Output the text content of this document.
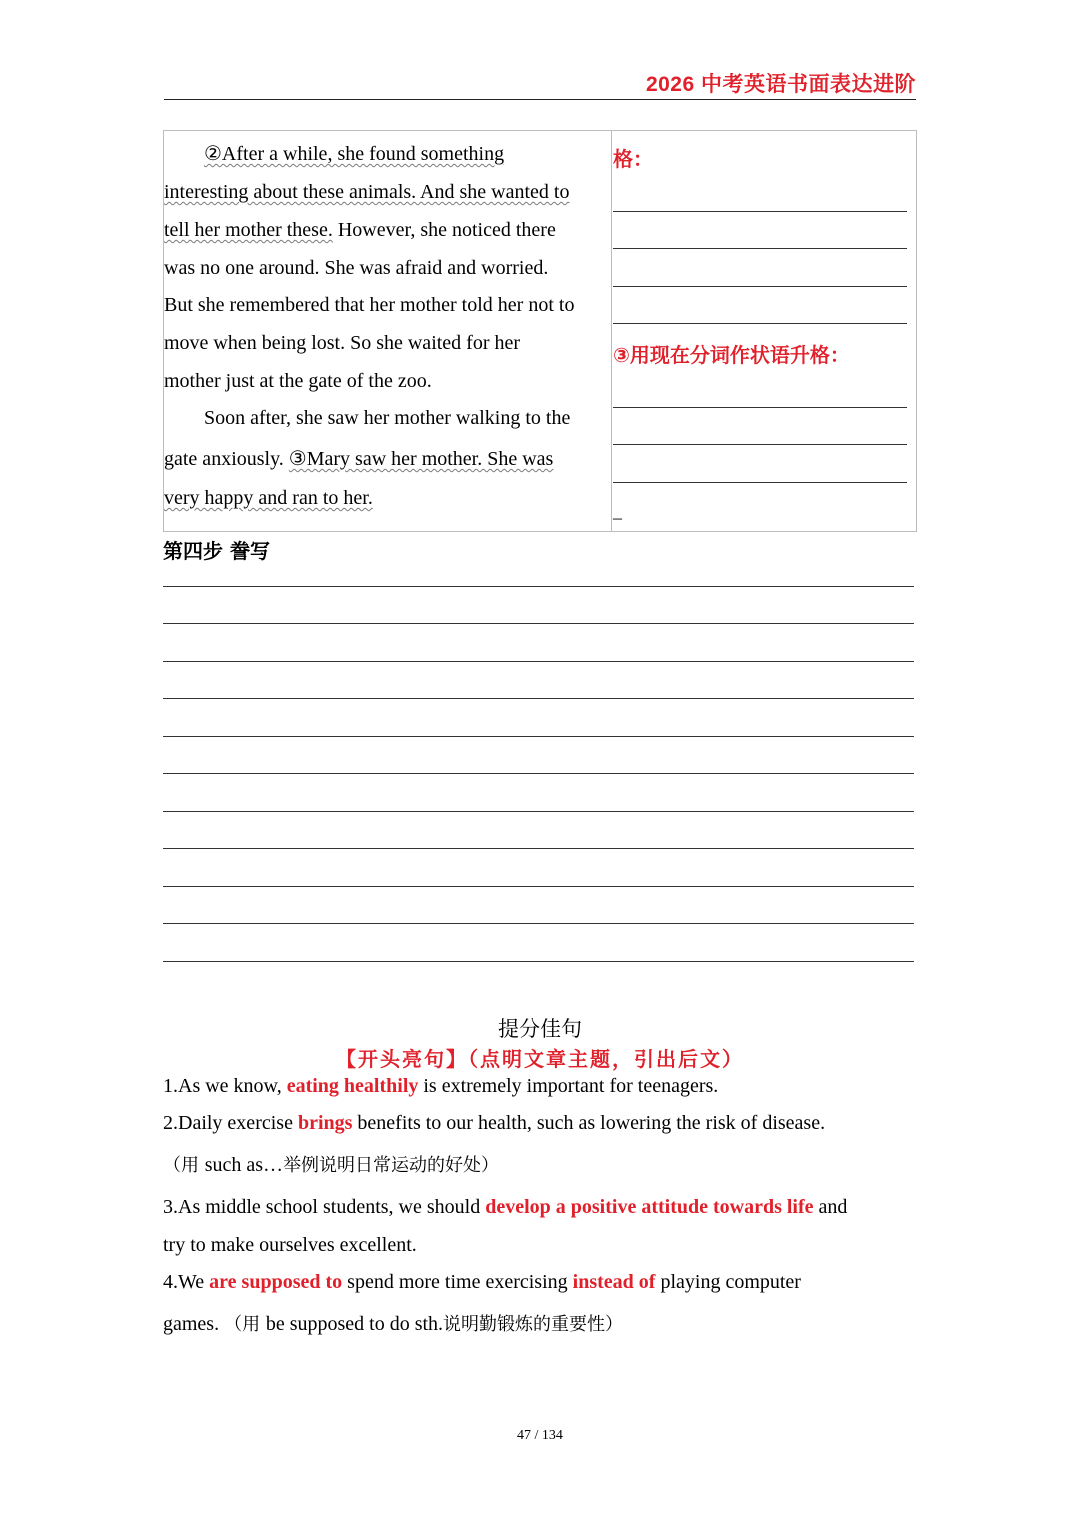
2026 中考英语书面表达进阶
②After a while, she found something
interesting about these animals. And she wanted to
tell her mother these. However, she noticed there
was no one around. She was afraid and worried.
But she remembered that her mother told her not to
move when being lost. So she waited for her
mother just at the gate of the zoo.
Soon after, she saw her mother walking to the
gate anxiously. ③Mary saw her mother. She was
very happy and ran to her.
格：
③用现在分词作状语升格：
_
第四步 誊写
提分佳句
【开头亮句】（点明文章主题，引出后文）
1.As we know, eating healthily is extremely important for teenagers.
2.Daily exercise brings benefits to our health, such as lowering the risk of disease.
（用 such as…举例说明日常运动的好处）
3.As middle school students, we should develop a positive attitude towards life and
try to make ourselves excellent.
4.We are supposed to spend more time exercising instead of playing computer
games. （用 be supposed to do sth.说明勤锻炼的重要性）
47 / 134
